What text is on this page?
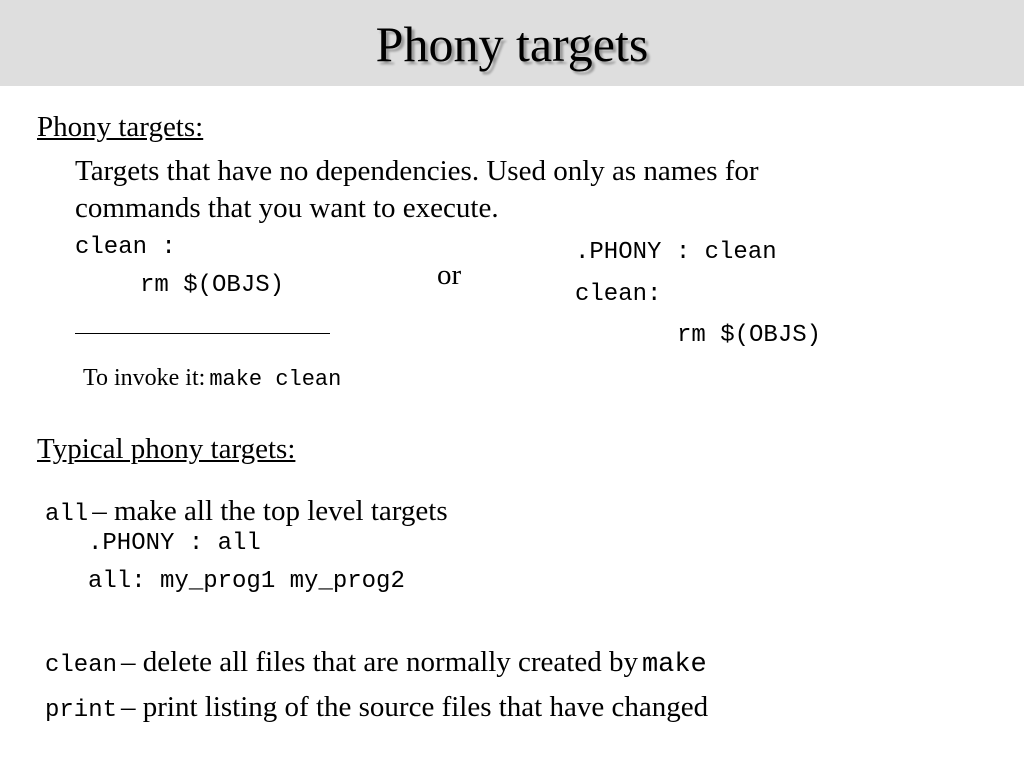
Phony targets
Phony targets:
Targets that have no dependencies. Used only as names for
commands that you want to execute.
clean :
rm $(OBJS)	or
.PHONY : clean
clean:
rm $(OBJS)

To invoke it: make clean

Typical phony targets:

all – make all the top level targets

.PHONY : all
all: my_prog1 my_prog2

clean – delete all files that are normally created by make

print – print listing of the source files that have changed
